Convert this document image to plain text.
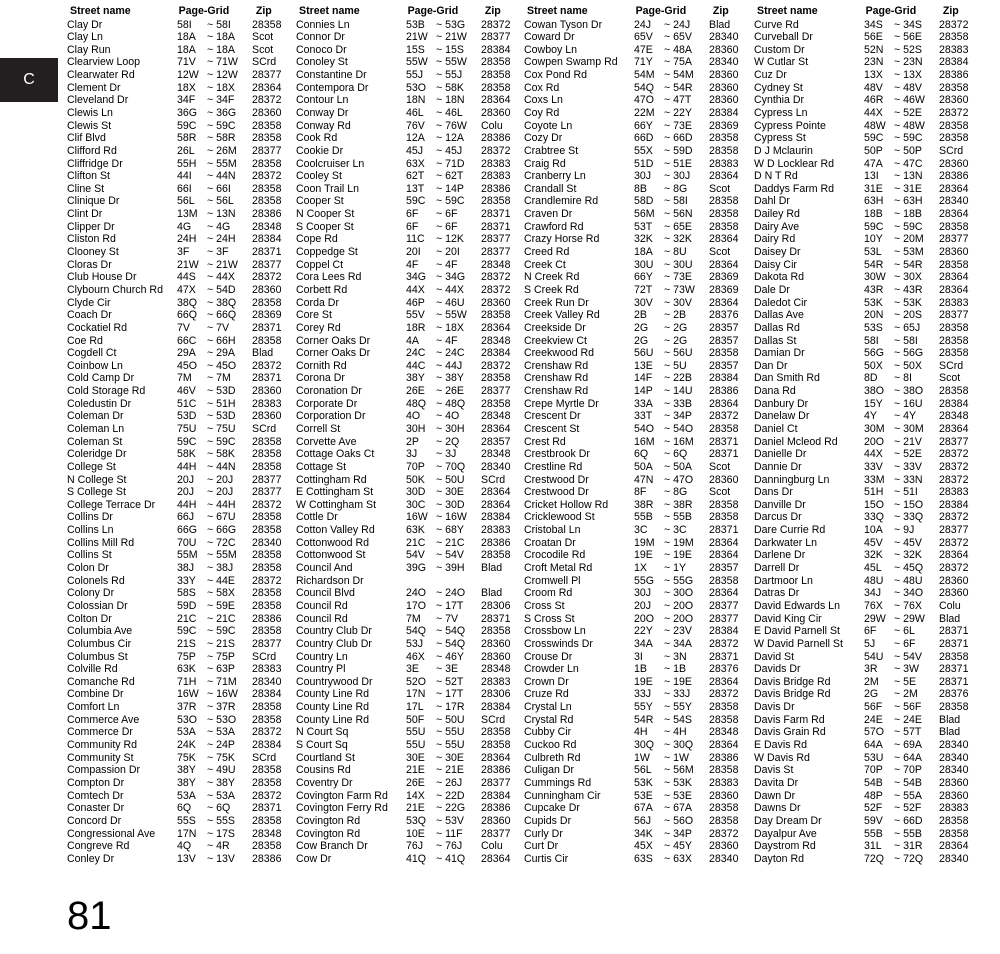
C
Street name	Page-Grid	Zip
Clay Dr	58I	~ 58I	28358
Clay Ln	18A	~ 18A	Scot
Clay Run	18A	~ 18A	Scot
Clearview Loop	71V	~ 71W	SCrd
Clearwater Rd	12W ~ 12W	28377
Clement Dr	18X	~ 18X	28364
Cleveland Dr	34F	~ 34F	28372
Clewis Ln	36G ~ 36G	28360
Clewis St	59C ~ 59C	28358
Clif Blvd	58R ~ 58R	28358
Clifford Rd	26L	~ 26M	28377
Cliffridge Dr	55H ~ 55M	28358
Clifton St	44I	~ 44N	28372
Cline St	66I	~ 66I	28358
Clinique Dr	56L	~ 56L	28358
Clint Dr	13M ~ 13N	28386
Clipper Dr	4G	~ 4G	28348
Cliston Rd	24H ~ 24H	28384
Clooney St	3F	~ 3F	28371
Cloras Dr	21W ~ 21W	28377
Club House Dr	44S	~ 44X	28372
Clybourn Church Rd	47X	~ 54D	28360
Clyde Cir	38Q ~ 38Q	28358
Coach Dr	66Q ~ 66Q	28369
Cockatiel Rd	7V	~ 7V	28371
Coe Rd	66C ~ 66H	28358
Cogdell Ct	29A	~ 29A	Blad
Coinbow Ln	45O ~ 45O	28372
Cold Camp Dr	7M	~ 7M	28371
Cold Storage Rd	46V	~ 53D	28360
Coledustin Dr	51C ~ 51H	28383
Coleman Dr	53D ~ 53D	28360
Coleman Ln	75U ~ 75U	SCrd
Coleman St	59C ~ 59C	28358
Coleridge Dr	58K	~ 58K	28358
College St	44H ~ 44N	28358
N College St	20J	~ 20J	28377
S College St	20J	~ 20J	28377
College Terrace Dr	44H ~ 44H	28372
Collins Dr	66J	~ 67U	28358
Collins Ln	66G ~ 66G	28358
Collins Mill Rd	70U ~ 72C	28340
Collins St	55M ~ 55M	28358
Colon Dr	38J	~ 38J	28358
Colonels Rd	33Y	~ 44E	28372
Colony Dr	58S	~ 58X	28358
Colossian Dr	59D ~ 59E	28358
Colton Dr	21C ~ 21C	28386
Columbia Ave	59C ~ 59C	28358
Columbus Cir	21S	~ 21S	28377
Columbus St	75P	~ 75P	SCrd
Colville Rd	63K	~ 63P	28383
Comanche Rd	71H ~ 71M	28340
Combine Dr	16W ~ 16W	28384
Comfort Ln	37R ~ 37R	28358
Commerce Ave	53O ~ 53O	28358
Commerce Dr	53A	~ 53A	28372
Community Rd	24K	~ 24P	28384
Community St	75K	~ 75K	SCrd
Compassion Dr	38Y	~ 49U	28358
Compton Dr	38Y	~ 38Y	28358
Comtech Dr	53A	~ 53A	28372
Conaster Dr	6Q	~ 6Q	28371
Concord Dr	55S	~ 55S	28358
Congressional Ave	17N ~ 17S	28348
Congreve Rd	4Q	~ 4R	28358
Conley Dr	13V	~ 13V	28386
Street name	Page-Grid	Zip
Connies Ln	53B	~ 53G	28372
Connor Dr	21W ~ 21W	28377
Conoco Dr	15S	~ 15S	28384
Conoley St	55W ~ 55W	28358
Constantine Dr	55J	~ 55J	28358
Contempora Dr	53O ~ 58K	28358
Contour Ln	18N ~ 18N	28364
Conway Dr	46L	~ 46L	28360
Conway Rd	76V	~ 76W	Colu
Cook Rd	12A	~ 12A	28386
Cookie Dr	45J	~ 45J	28372
Coolcruiser Ln	63X	~ 71D	28383
Cooley St	62T	~ 62T	28383
Coon Trail Ln	13T	~ 14P	28386
Cooper St	59C ~ 59C	28358
N Cooper St	6F	~ 6F	28371
S Cooper St	6F	~ 6F	28371
Cope Rd	11C	~ 12K	28377
Coppedge St	20I	~ 20I	28377
Coppel Ct	4F	~ 4F	28348
Cora Lees Rd	34G ~ 34G	28372
Corbett Rd	44X	~ 44X	28372
Corda Dr	46P	~ 46U	28360
Core St	55V	~ 55W	28358
Corey Rd	18R ~ 18X	28364
Corner Oaks Dr	4A	~ 4F	28348
Corner Oaks Dr	24C ~ 24C	28384
Cornith Rd	44C ~ 44J	28372
Corona Dr	38Y	~ 38Y	28358
Coronation Dr	26E	~ 26E	28377
Corporate Dr	48Q ~ 48Q	28358
Corporation Dr	4O	~ 4O	28348
Correll St	30H ~ 30H	28364
Corvette Ave	2P	~ 2Q	28357
Cottage Oaks Ct	3J	~ 3J	28348
Cottage St	70P	~ 70Q	28340
Cottingham Rd	50K	~ 50U	SCrd
E Cottingham St	30D ~ 30E	28364
W Cottingham St	30C ~ 30D	28364
Cottle Dr	16W ~ 16W	28384
Cotton Valley Rd	63K	~ 68Y	28383
Cottonwood Rd	21C ~ 21C	28386
Cottonwood St	54V	~ 54V	28358
Council And	39G ~ 39H	Blad
Richardson Dr
Council Blvd	24O ~ 24O	Blad
Council Rd	17O ~ 17T	28306
Council Rd	7M	~ 7V	28371
Country Club Dr	54Q ~ 54Q	28358
Country Club Dr	53J	~ 54Q	28360
Country Ln	46X	~ 46Y	28360
Country Pl	3E	~ 3E	28348
Countrywood Dr	52O ~ 52T	28383
County Line Rd	17N ~ 17T	28306
County Line Rd	17L	~ 17R	28384
County Line Rd	50F	~ 50U	SCrd
N Court Sq	55U ~ 55U	28358
S Court Sq	55U ~ 55U	28358
Courtland St	30E	~ 30E	28364
Cousins Rd	21E	~ 21E	28386
Coventry Dr	26E	~ 26J	28377
Covington Farm Rd	14X	~ 22D	28384
Covington Ferry Rd	21E	~ 22G	28386
Covington Rd	53Q ~ 53V	28360
Covington Rd	10E	~ 11F	28377
Cow Branch Dr	76J	~ 76J	Colu
Cow Dr	41Q ~ 41Q	28364
Street name	Page-Grid	Zip
Cowan Tyson Dr	24J	~ 24J	Blad
Coward Dr	65V	~ 65V	28340
Cowboy Ln	47E	~ 48A	28360
Cowpen Swamp Rd	71Y	~ 75A	28340
Cox Pond Rd	54M ~ 54M	28360
Cox Rd	54Q ~ 54R	28360
Coxs Ln	47O ~ 47T	28360
Coy Rd	22M ~ 22Y	28384
Coyote Ln	66Y	~ 73E	28369
Cozy Dr	66D ~ 66D	28358
Crabtree St	55X	~ 59D	28358
Craig Rd	51D ~ 51E	28383
Cranberry Ln	30J	~ 30J	28364
Crandall St	8B	~ 8G	Scot
Crandlemire Rd	58D ~ 58I	28358
Craven Dr	56M ~ 56N	28358
Crawford Rd	53T	~ 65E	28358
Crazy Horse Rd	32K	~ 32K	28364
Creed Rd	18A	~ 8U	Scot
Creek Ct	30U ~ 30U	28364
N Creek Rd	66Y	~ 73E	28369
S Creek Rd	72T	~ 73W	28369
Creek Run Dr	30V	~ 30V	28364
Creek Valley Rd	2B	~ 2B	28376
Creekside Dr	2G	~ 2G	28357
Creekview Ct	2G	~ 2G	28357
Creekwood Rd	56U ~ 56U	28358
Crenshaw Rd	13E	~ 5U	28357
Crenshaw Rd	14F	~ 22B	28384
Crenshaw Rd	14P	~ 14U	28386
Crepe Myrtle Dr	33A	~ 33B	28364
Crescent Dr	33T	~ 34P	28372
Crescent St	54O ~ 54O	28358
Crest Rd	16M ~ 16M	28371
Crestbrook Dr	6Q	~ 6Q	28371
Crestline Rd	50A	~ 50A	Scot
Crestwood Dr	47N ~ 47O	28360
Crestwood Dr	8F	~ 8G	Scot
Cricket Hollow Rd	38R ~ 38R	28358
Cricklewood St	55B	~ 55B	28358
Cristobal Ln	3C	~ 3C	28371
Croatan Dr	19M ~ 19M	28364
Crocodile Rd	19E	~ 19E	28364
Croft Metal Rd	1X	~ 1Y	28357
Cromwell Pl	55G ~ 55G	28358
Croom Rd	30J	~ 30O	28364
Cross St	20J	~ 20O	28377
S Cross St	20O ~ 20O	28377
Crossbow Ln	22Y	~ 23V	28384
Crosswinds Dr	34A	~ 34A	28372
Crouse Dr	3I	~ 3N	28371
Crowder Ln	1B	~ 1B	28376
Crown Dr	19E	~ 19E	28364
Cruze Rd	33J	~ 33J	28372
Crystal Ln	55Y	~ 55Y	28358
Crystal Rd	54R ~ 54S	28358
Cubby Cir	4H	~ 4H	28348
Cuckoo Rd	30Q ~ 30Q	28364
Culbreth Rd	1W	~ 1W	28386
Culigan Dr	56L	~ 56M	28358
Cummings Rd	53K	~ 53K	28383
Cunningham Cir	53E	~ 53E	28360
Cupcake Dr	67A	~ 67A	28358
Cupids Dr	56J	~ 56O	28358
Curly Dr	34K	~ 34P	28372
Curt Dr	45X	~ 45Y	28360
Curtis Cir	63S	~ 63X	28340
Street name	Page-Grid	Zip
Curve Rd	34S	~ 34S	28372
Curveball Dr	56E	~ 56E	28358
Custom Dr	52N ~ 52S	28383
W Cutlar St	23N ~ 23N	28384
Cuz Dr	13X	~ 13X	28386
Cydney St	48V	~ 48V	28358
Cynthia Dr	46R ~ 46W	28360
Cypress Ln	44X	~ 52E	28372
Cypress Pointe	48W ~ 48W	28358
Cypress St	59C ~ 59C	28358
D J Mclaurin	50P	~ 50P	SCrd
W D Locklear Rd	47A	~ 47C	28360
D N T Rd	13I	~ 13N	28386
Daddys Farm Rd	31E	~ 31E	28364
Dahl Dr	63H ~ 63H	28340
Dailey Rd	18B	~ 18B	28364
Dairy Ave	59C ~ 59C	28358
Dairy Rd	10Y	~ 20M	28377
Daisey Dr	53L	~ 53M	28360
Daisy Cir	54R ~ 54R	28358
Dakota Rd	30W ~ 30X	28364
Dale Dr	43R ~ 43R	28364
Daledot Cir	53K	~ 53K	28383
Dallas Ave	20N ~ 20S	28377
Dallas Rd	53S	~ 65J	28358
Dallas St	58I	~ 58I	28358
Damian Dr	56G ~ 56G	28358
Dan Dr	50X	~ 50X	SCrd
Dan Smith Rd	8D	~ 8I	Scot
Dana Rd	38O ~ 38O	28358
Danbury Dr	15Y	~ 16U	28384
Danelaw Dr	4Y	~ 4Y	28348
Daniel Ct	30M ~ 30M	28364
Daniel Mcleod Rd	20O ~ 21V	28377
Danielle Dr	44X	~ 52E	28372
Dannie Dr	33V	~ 33V	28372
Danningburg Ln	33M ~ 33N	28372
Dans Dr	51H ~ 51I	28383
Danville Dr	15O ~ 15O	28384
Darcus Dr	33Q ~ 33Q	28372
Dare Currie Rd	10A	~ 9J	28377
Darkwater Ln	45V	~ 45V	28372
Darlene Dr	32K	~ 32K	28364
Darrell Dr	45L	~ 45Q	28372
Dartmoor Ln	48U ~ 48U	28360
Datras Dr	34J	~ 34O	28360
David Edwards Ln	76X	~ 76X	Colu
David King Cir	29W ~ 29W	Blad
E David Parnell St	6F	~ 6L	28371
W David Parnell St	5J	~ 6F	28371
David St	54U ~ 54V	28358
Davids Dr	3R	~ 3W	28371
Davis Bridge Rd	2M	~ 5E	28371
Davis Bridge Rd	2G	~ 2M	28376
Davis Dr	56F	~ 56F	28358
Davis Farm Rd	24E	~ 24E	Blad
Davis Grain Rd	57O ~ 57T	Blad
E Davis Rd	64A	~ 69A	28340
W Davis Rd	53U ~ 64A	28340
Davis St	70P	~ 70P	28340
Davita Dr	54B	~ 54B	28360
Dawn Dr	48P	~ 55A	28360
Dawns Dr	52F	~ 52F	28383
Day Dream Dr	59V	~ 66D	28358
Dayalpur Ave	55B	~ 55B	28358
Daystrom Rd	31L	~ 31R	28364
Dayton Rd	72Q ~ 72Q	28340
81
